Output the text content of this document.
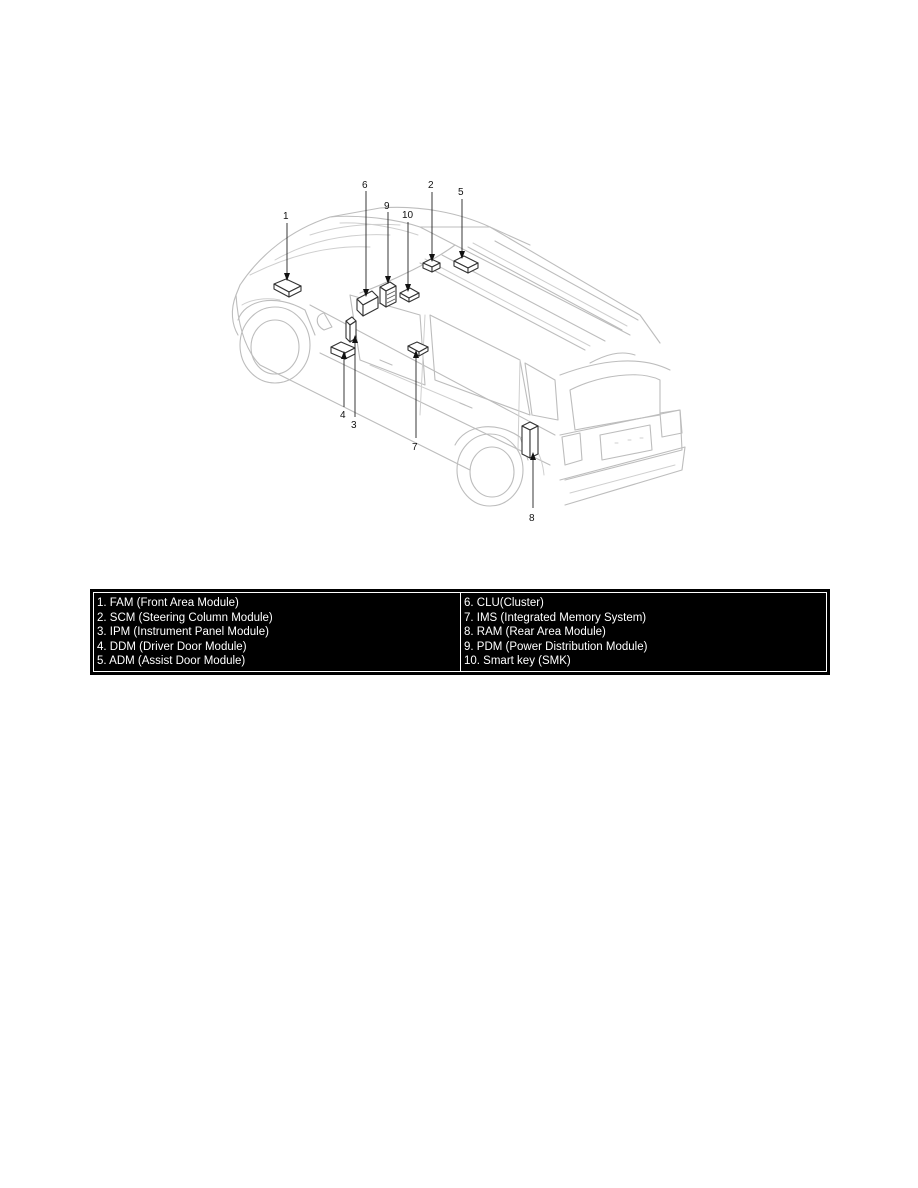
1
2
3
4
5
6
7
8
9
10
1. FAM (Front Area Module)
2. SCM (Steering Column Module)
3. IPM (Instrument Panel Module)
4. DDM (Driver Door Module)
5. ADM (Assist Door Module)
6. CLU(Cluster)
7. IMS (Integrated Memory System)
8. RAM (Rear Area Module)
9. PDM (Power Distribution Module)
10. Smart key (SMK)
